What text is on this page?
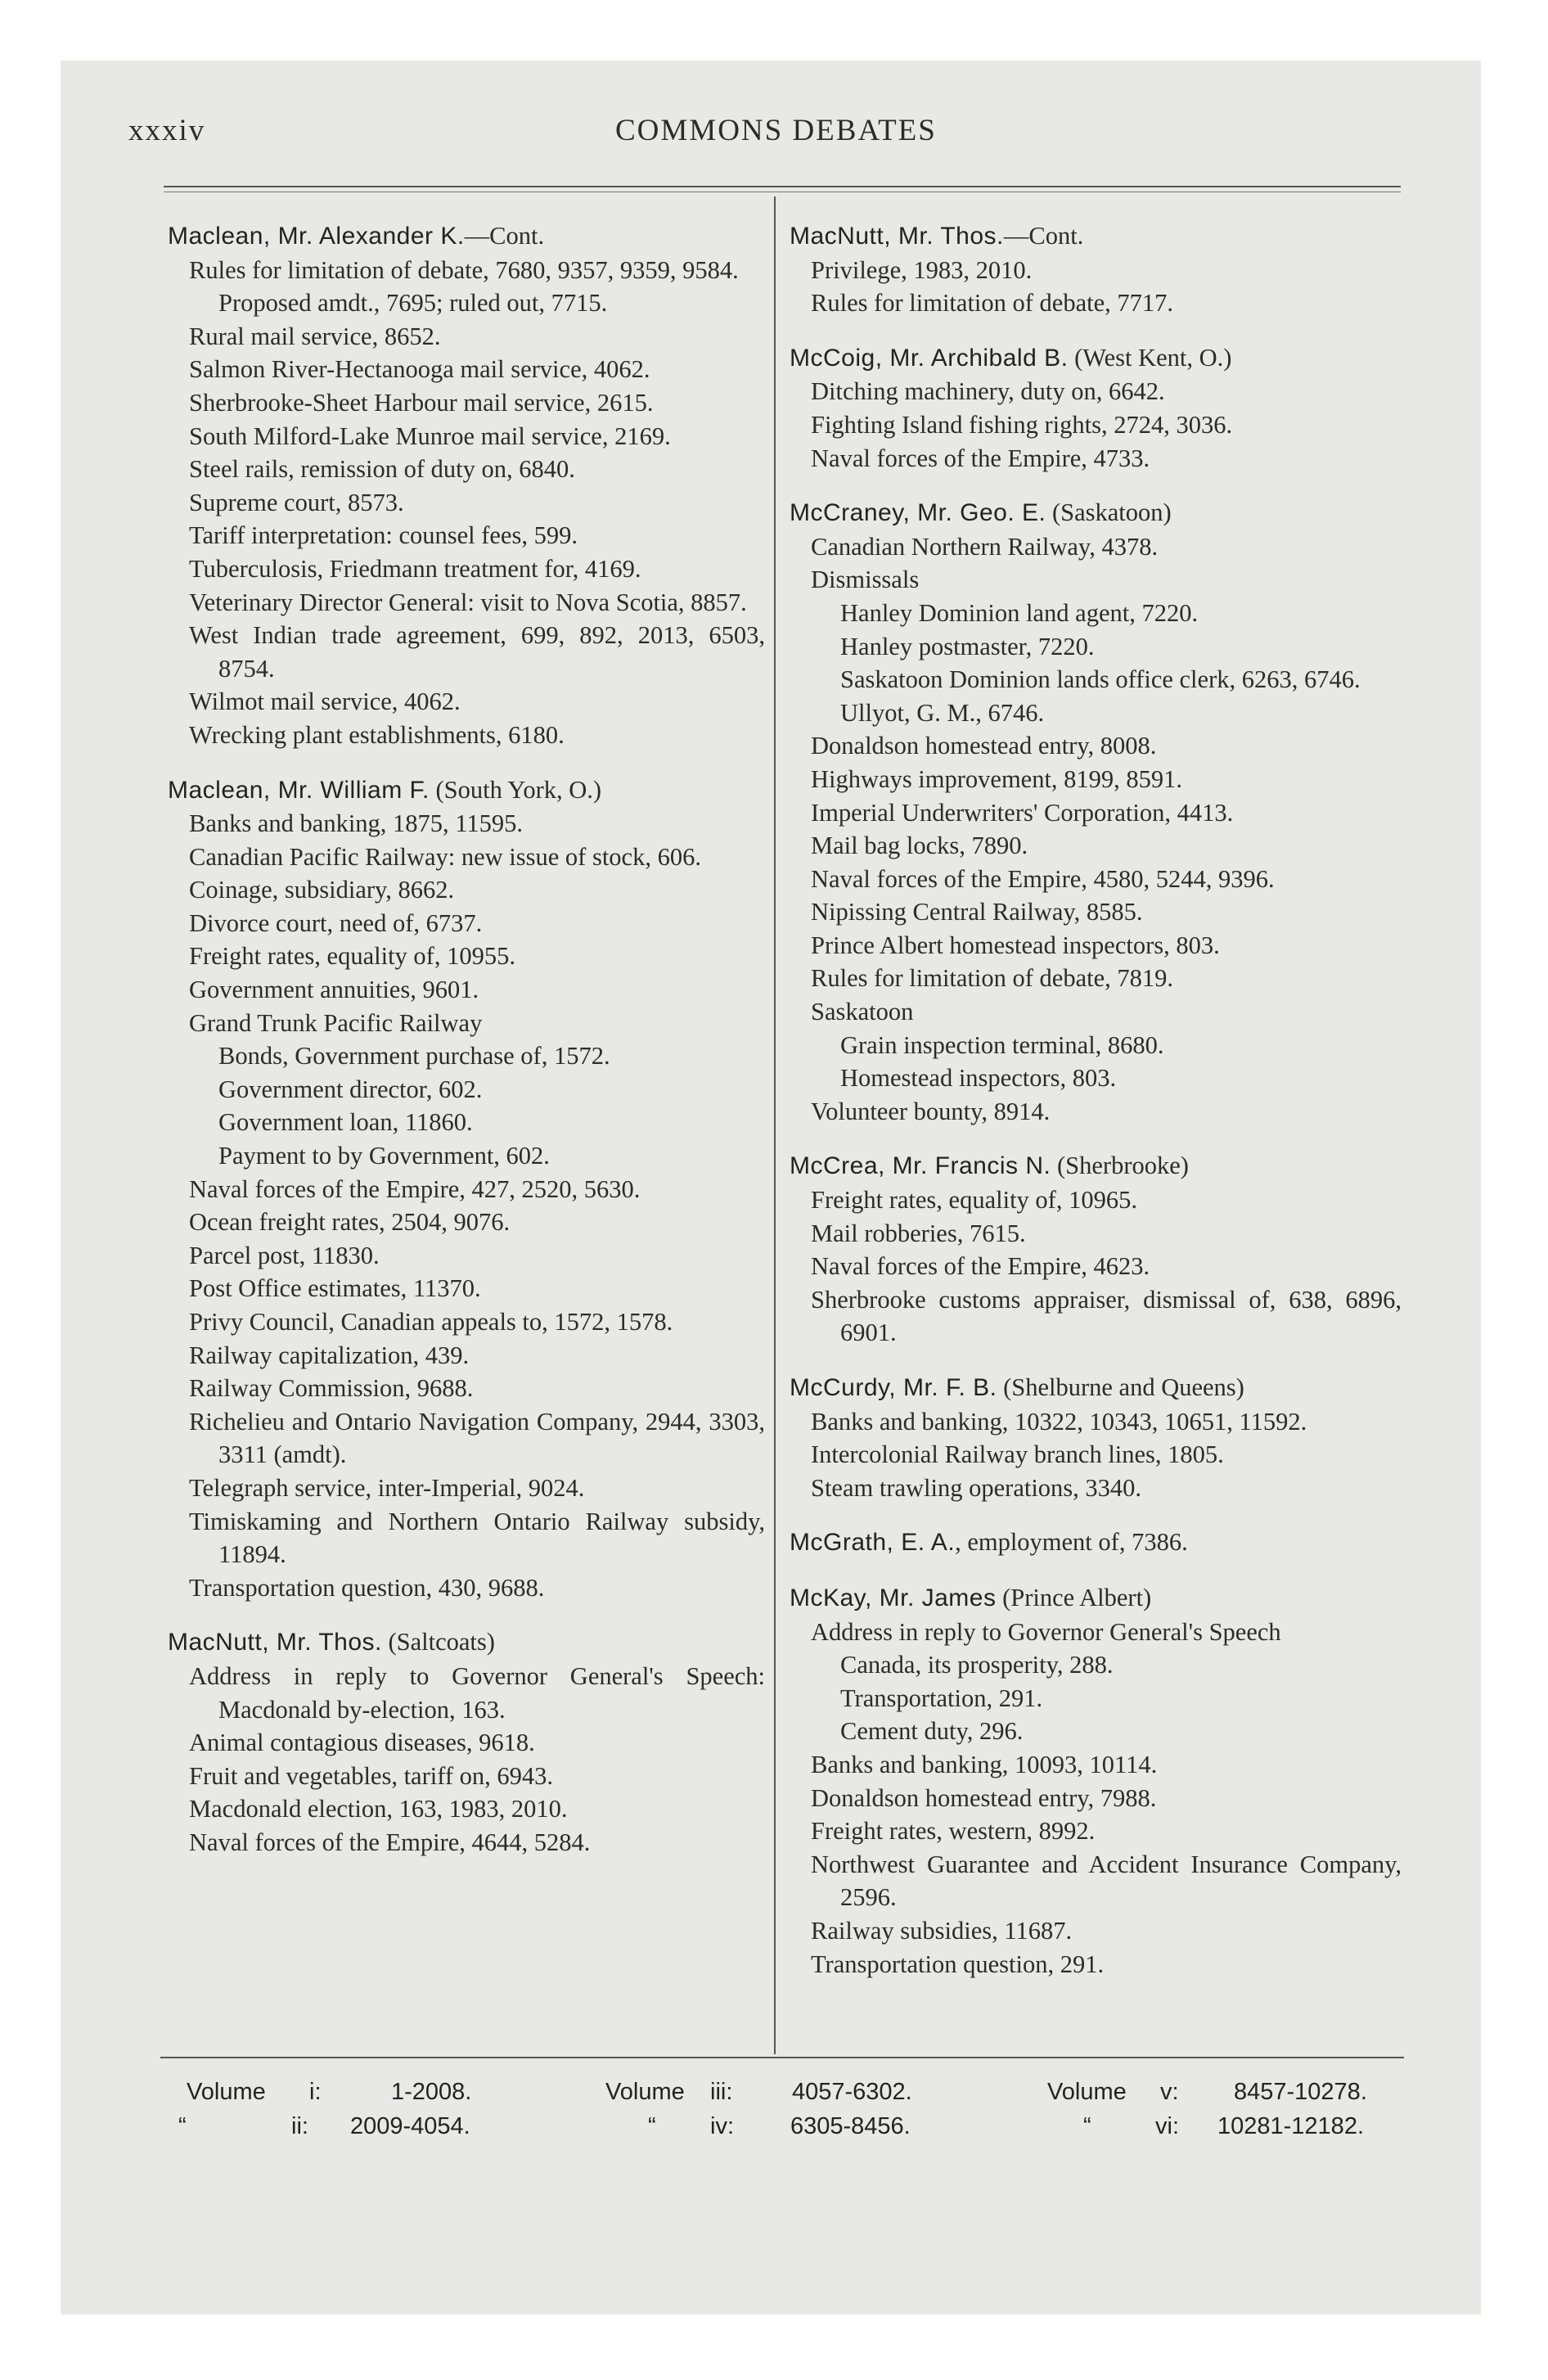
xxxiv	COMMONS DEBATES
Maclean, Mr. Alexander K.—Cont.
Rules for limitation of debate, 7680, 9357, 9359, 9584.
Proposed amdt., 7695; ruled out, 7715.
Rural mail service, 8652.
Salmon River-Hectanooga mail service, 4062.
Sherbrooke-Sheet Harbour mail service, 2615.
South Milford-Lake Munroe mail service, 2169.
Steel rails, remission of duty on, 6840.
Supreme court, 8573.
Tariff interpretation: counsel fees, 599.
Tuberculosis, Friedmann treatment for, 4169.
Veterinary Director General: visit to Nova Scotia, 8857.
West Indian trade agreement, 699, 892, 2013, 6503, 8754.
Wilmot mail service, 4062.
Wrecking plant establishments, 6180.
Maclean, Mr. William F. (South York, O.)
Banks and banking, 1875, 11595.
Canadian Pacific Railway: new issue of stock, 606.
Coinage, subsidiary, 8662.
Divorce court, need of, 6737.
Freight rates, equality of, 10955.
Government annuities, 9601.
Grand Trunk Pacific Railway
Bonds, Government purchase of, 1572.
Government director, 602.
Government loan, 11860.
Payment to by Government, 602.
Naval forces of the Empire, 427, 2520, 5630.
Ocean freight rates, 2504, 9076.
Parcel post, 11830.
Post Office estimates, 11370.
Privy Council, Canadian appeals to, 1572, 1578.
Railway capitalization, 439.
Railway Commission, 9688.
Richelieu and Ontario Navigation Company, 2944, 3303, 3311 (amdt).
Telegraph service, inter-Imperial, 9024.
Timiskaming and Northern Ontario Railway subsidy, 11894.
Transportation question, 430, 9688.
MacNutt, Mr. Thos. (Saltcoats)
Address in reply to Governor General's Speech: Macdonald by-election, 163.
Animal contagious diseases, 9618.
Fruit and vegetables, tariff on, 6943.
Macdonald election, 163, 1983, 2010.
Naval forces of the Empire, 4644, 5284.
MacNutt, Mr. Thos.—Cont.
Privilege, 1983, 2010.
Rules for limitation of debate, 7717.
McCoig, Mr. Archibald B. (West Kent, O.)
Ditching machinery, duty on, 6642.
Fighting Island fishing rights, 2724, 3036.
Naval forces of the Empire, 4733.
McCraney, Mr. Geo. E. (Saskatoon)
Canadian Northern Railway, 4378.
Dismissals
Hanley Dominion land agent, 7220.
Hanley postmaster, 7220.
Saskatoon Dominion lands office clerk, 6263, 6746.
Ullyot, G. M., 6746.
Donaldson homestead entry, 8008.
Highways improvement, 8199, 8591.
Imperial Underwriters' Corporation, 4413.
Mail bag locks, 7890.
Naval forces of the Empire, 4580, 5244, 9396.
Nipissing Central Railway, 8585.
Prince Albert homestead inspectors, 803.
Rules for limitation of debate, 7819.
Saskatoon
Grain inspection terminal, 8680.
Homestead inspectors, 803.
Volunteer bounty, 8914.
McCrea, Mr. Francis N. (Sherbrooke)
Freight rates, equality of, 10965.
Mail robberies, 7615.
Naval forces of the Empire, 4623.
Sherbrooke customs appraiser, dismissal of, 638, 6896, 6901.
McCurdy, Mr. F. B. (Shelburne and Queens)
Banks and banking, 10322, 10343, 10651, 11592.
Intercolonial Railway branch lines, 1805.
Steam trawling operations, 3340.
McGrath, E. A., employment of, 7386.
McKay, Mr. James (Prince Albert)
Address in reply to Governor General's Speech
Canada, its prosperity, 288.
Transportation, 291.
Cement duty, 296.
Banks and banking, 10093, 10114.
Donaldson homestead entry, 7988.
Freight rates, western, 8992.
Northwest Guarantee and Accident Insurance Company, 2596.
Railway subsidies, 11687.
Transportation question, 291.
Volume i:	1-2008.	Volume iii:	4057-6302.	Volume v: 8457-10278.
“	ii: 2009-4054.	“ iv: 6305-8456.	“	vi: 10281-12182.
